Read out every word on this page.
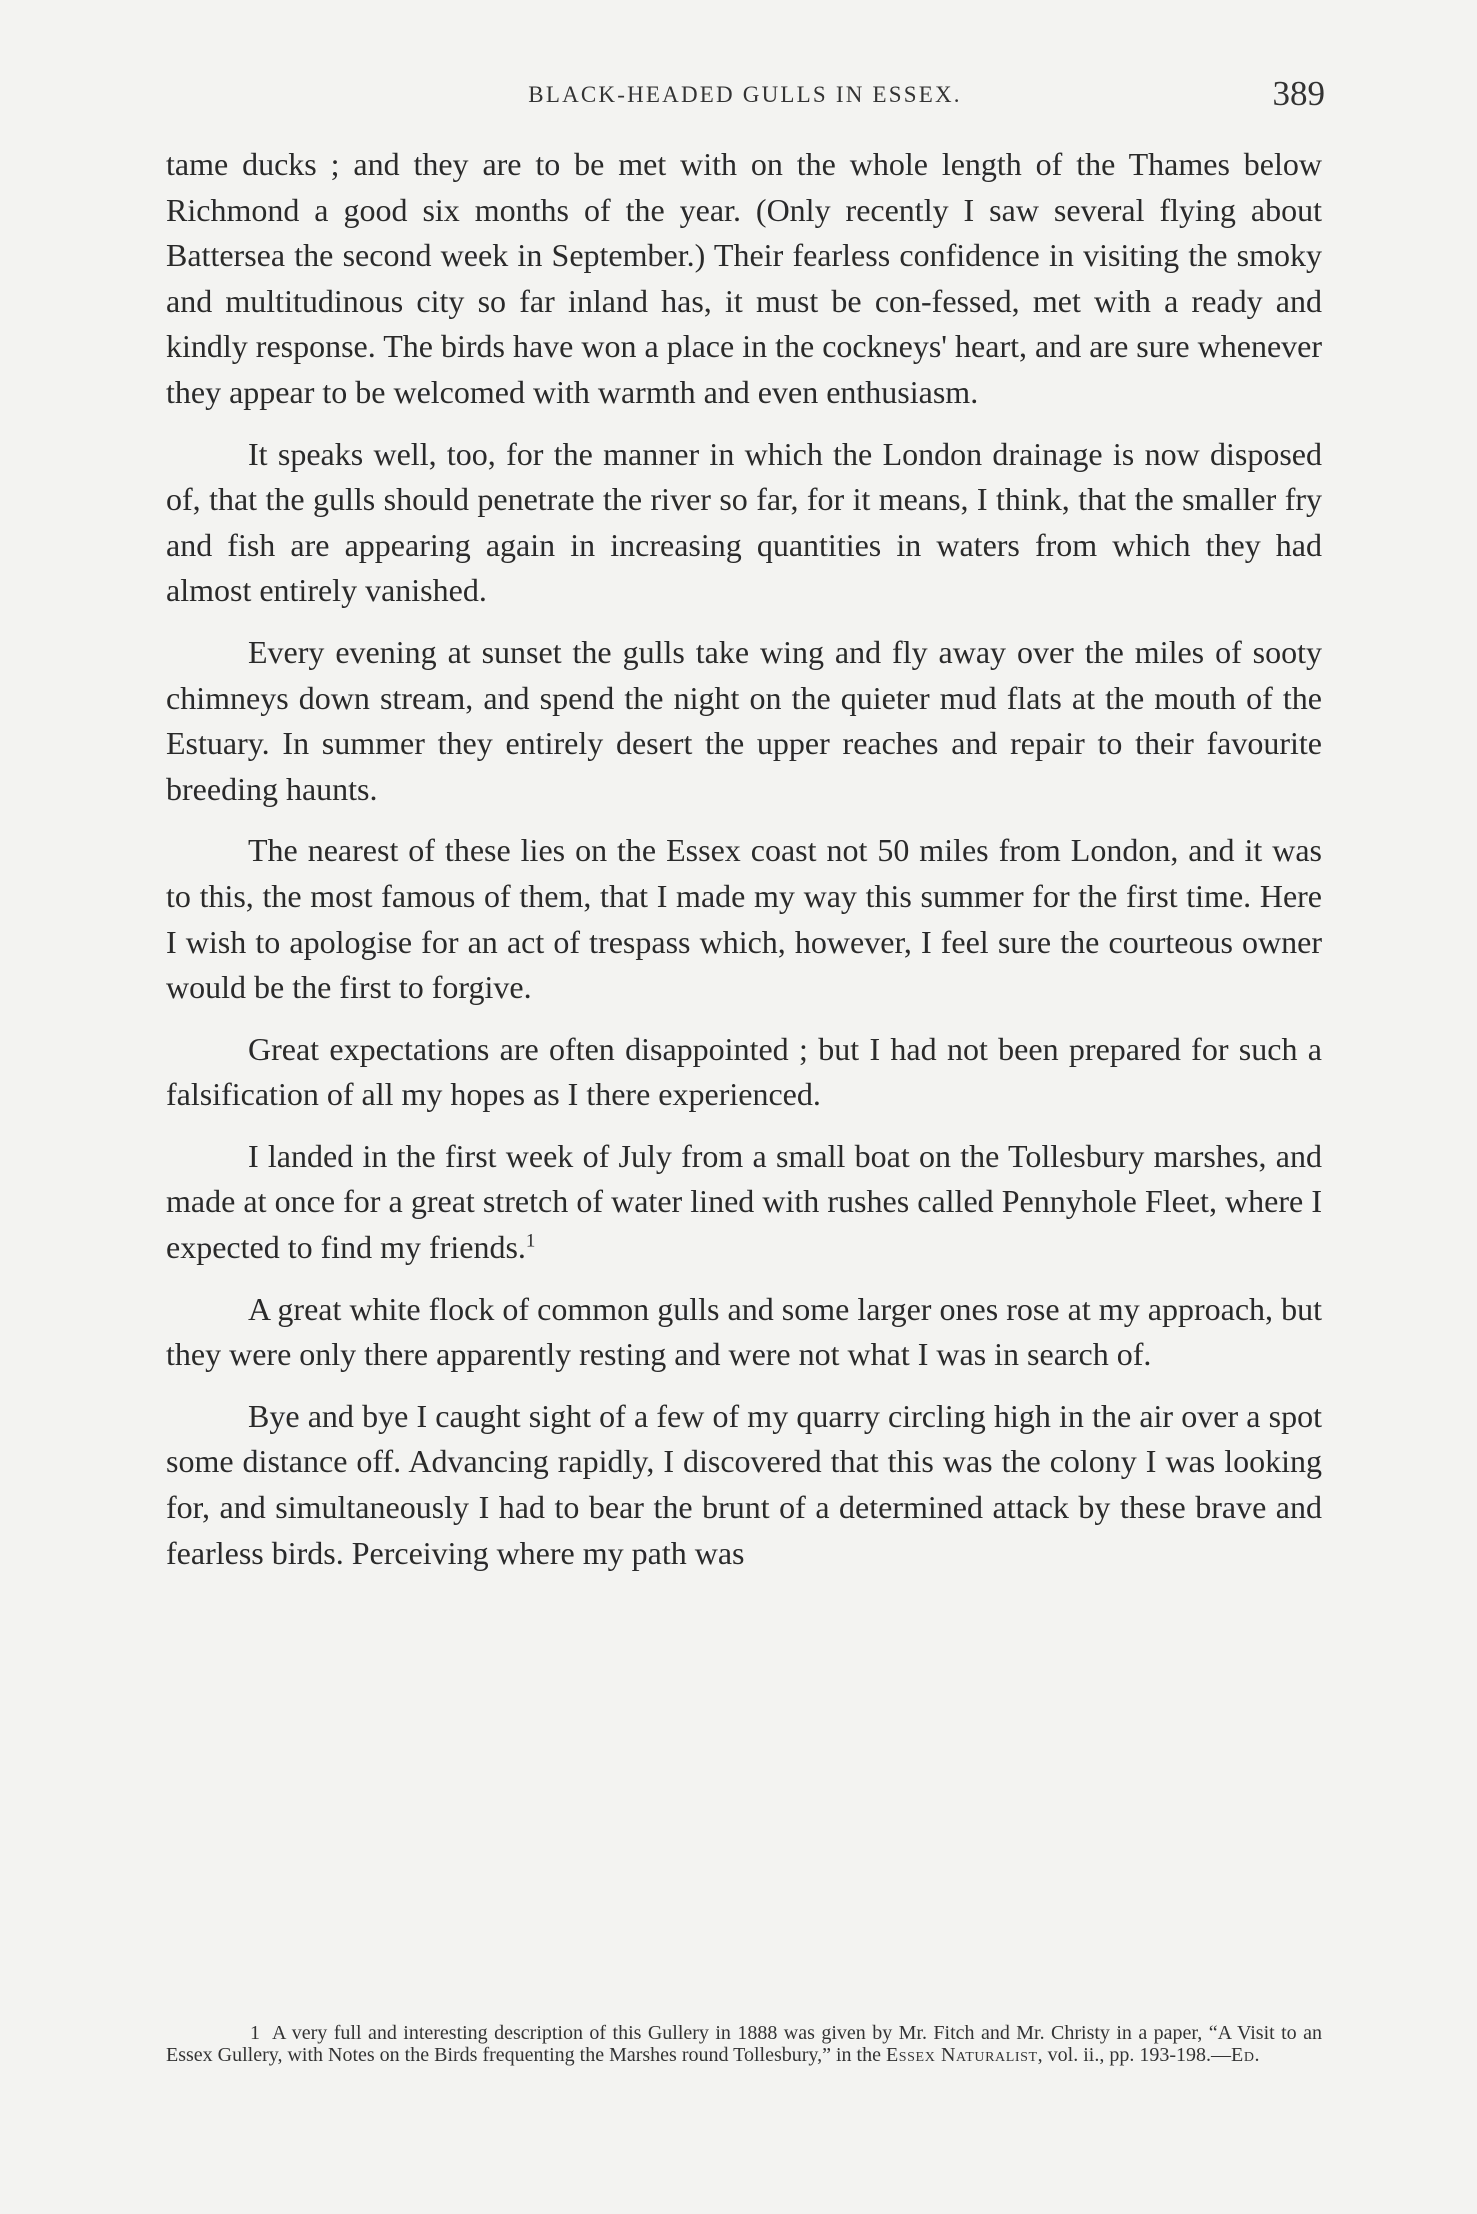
BLACK-HEADED GULLS IN ESSEX.	389

tame ducks ; and they are to be met with on the whole length of the Thames below Richmond a good six months of the year. (Only recently I saw several flying about Battersea the second week in September.) Their fearless confidence in visiting the smoky and multitudinous city so far inland has, it must be con-fessed, met with a ready and kindly response. The birds have won a place in the cockneys' heart, and are sure whenever they appear to be welcomed with warmth and even enthusiasm.

It speaks well, too, for the manner in which the London drainage is now disposed of, that the gulls should penetrate the river so far, for it means, I think, that the smaller fry and fish are appearing again in increasing quantities in waters from which they had almost entirely vanished.

Every evening at sunset the gulls take wing and fly away over the miles of sooty chimneys down stream, and spend the night on the quieter mud flats at the mouth of the Estuary. In summer they entirely desert the upper reaches and repair to their favourite breeding haunts.

The nearest of these lies on the Essex coast not 50 miles from London, and it was to this, the most famous of them, that I made my way this summer for the first time. Here I wish to apologise for an act of trespass which, however, I feel sure the courteous owner would be the first to forgive.

Great expectations are often disappointed ; but I had not been prepared for such a falsification of all my hopes as I there experienced.

I landed in the first week of July from a small boat on the Tollesbury marshes, and made at once for a great stretch of water lined with rushes called Pennyhole Fleet, where I expected to find my friends.$^1$

A great white flock of common gulls and some larger ones rose at my approach, but they were only there apparently resting and were not what I was in search of.

Bye and bye I caught sight of a few of my quarry circling high in the air over a spot some distance off. Advancing rapidly, I discovered that this was the colony I was looking for, and simultaneously I had to bear the brunt of a determined attack by these brave and fearless birds. Perceiving where my path was

1 A very full and interesting description of this Gullery in 1888 was given by Mr. Fitch and Mr. Christy in a paper, “A Visit to an Essex Gullery, with Notes on the Birds frequenting the Marshes round Tollesbury,” in the Essex Naturalist, vol. ii., pp. 193-198.—Ed.
